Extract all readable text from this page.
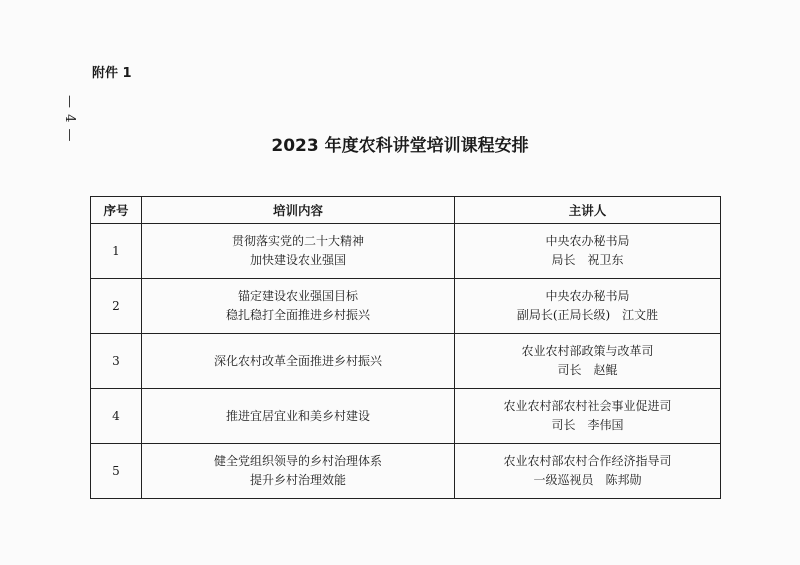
附件 1
— 4 —
2023 年度农科讲堂培训课程安排
序号	培训内容	主讲人
1	贯彻落实党的二十大精神
加快建设农业强国	中央农办秘书局
局长　祝卫东

2	锚定建设农业强国目标
稳扎稳打全面推进乡村振兴	中央农办秘书局
副局长(正局长级)　江文胜

3	深化农村改革全面推进乡村振兴	农业农村部政策与改革司
司长　赵鲲

4	推进宜居宜业和美乡村建设	农业农村部农村社会事业促进司
司长　李伟国

5	健全党组织领导的乡村治理体系
提升乡村治理效能	农业农村部农村合作经济指导司
一级巡视员　陈邦勋
